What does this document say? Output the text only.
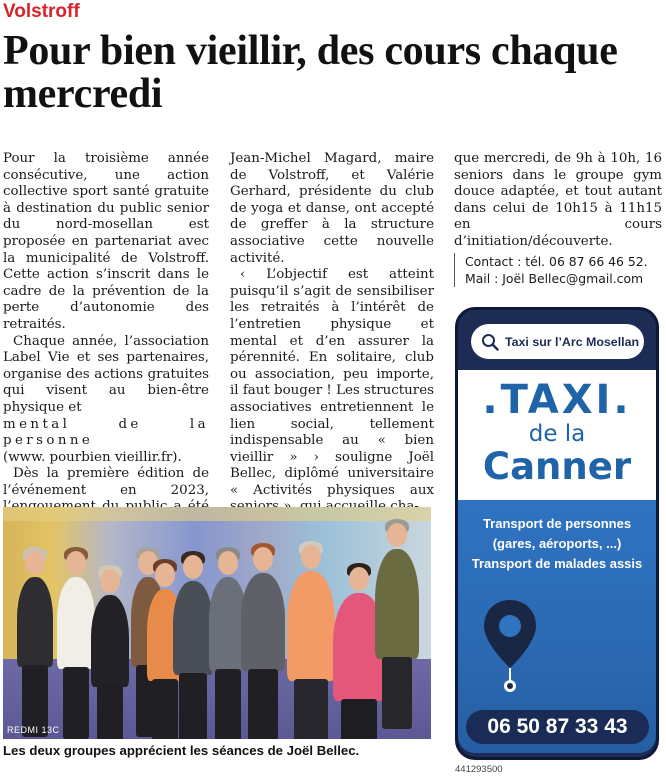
Volstroff
Pour bien vieillir, des cours chaque mercredi

Pour la troisième année consécutive, une action collective sport santé gratuite à destination du public senior du nord-mosellan est proposée en partenariat avec la municipalité de Volstroff. Cette action s’inscrit dans le cadre de la prévention de la perte d’autonomie des retraités.

Chaque année, l’association Label Vie et ses partenaires, organise des actions gratuites qui visent au bien-être physique et

mental de la personne

(www. pourbien vieillir.fr).

Dès la première édition de l’événement en 2023,

Jean-Michel Magard, maire de Volstroff, et Valérie Gerhard, présidente du club de yoga et danse, ont accepté de greffer à la structure associative cette nouvelle activité.

‹ L’objectif est atteint puisqu’il s’agit de sensibiliser les retraités à l’intérêt de l’entretien physique et mental et d’en assurer la pérennité. En solitaire, club ou association, peu importe, il faut bouger ! Les structures associatives entretiennent le lien social, tellement indispensable au « bien vieillir » › souligne Joël Bellec, diplômé universitaire « Activités physiques aux

que mercredi, de 9h à 10h, 16 seniors dans le groupe gym douce adaptée, et tout autant dans celui de 10h15 à 11h15 en cours d’initiation/découverte.

Contact : tél. 06 87 66 46 52.
Mail : Joël Bellec@gmail.com
REDMI 13C
Les deux groupes apprécient les séances de Joël Bellec.
Taxi sur l’Arc Mosellan
.TAXI.
de la
Canner
Transport de personnes
(gares, aéroports, ...)
Transport de malades assis
06 50 87 33 43
441293500
